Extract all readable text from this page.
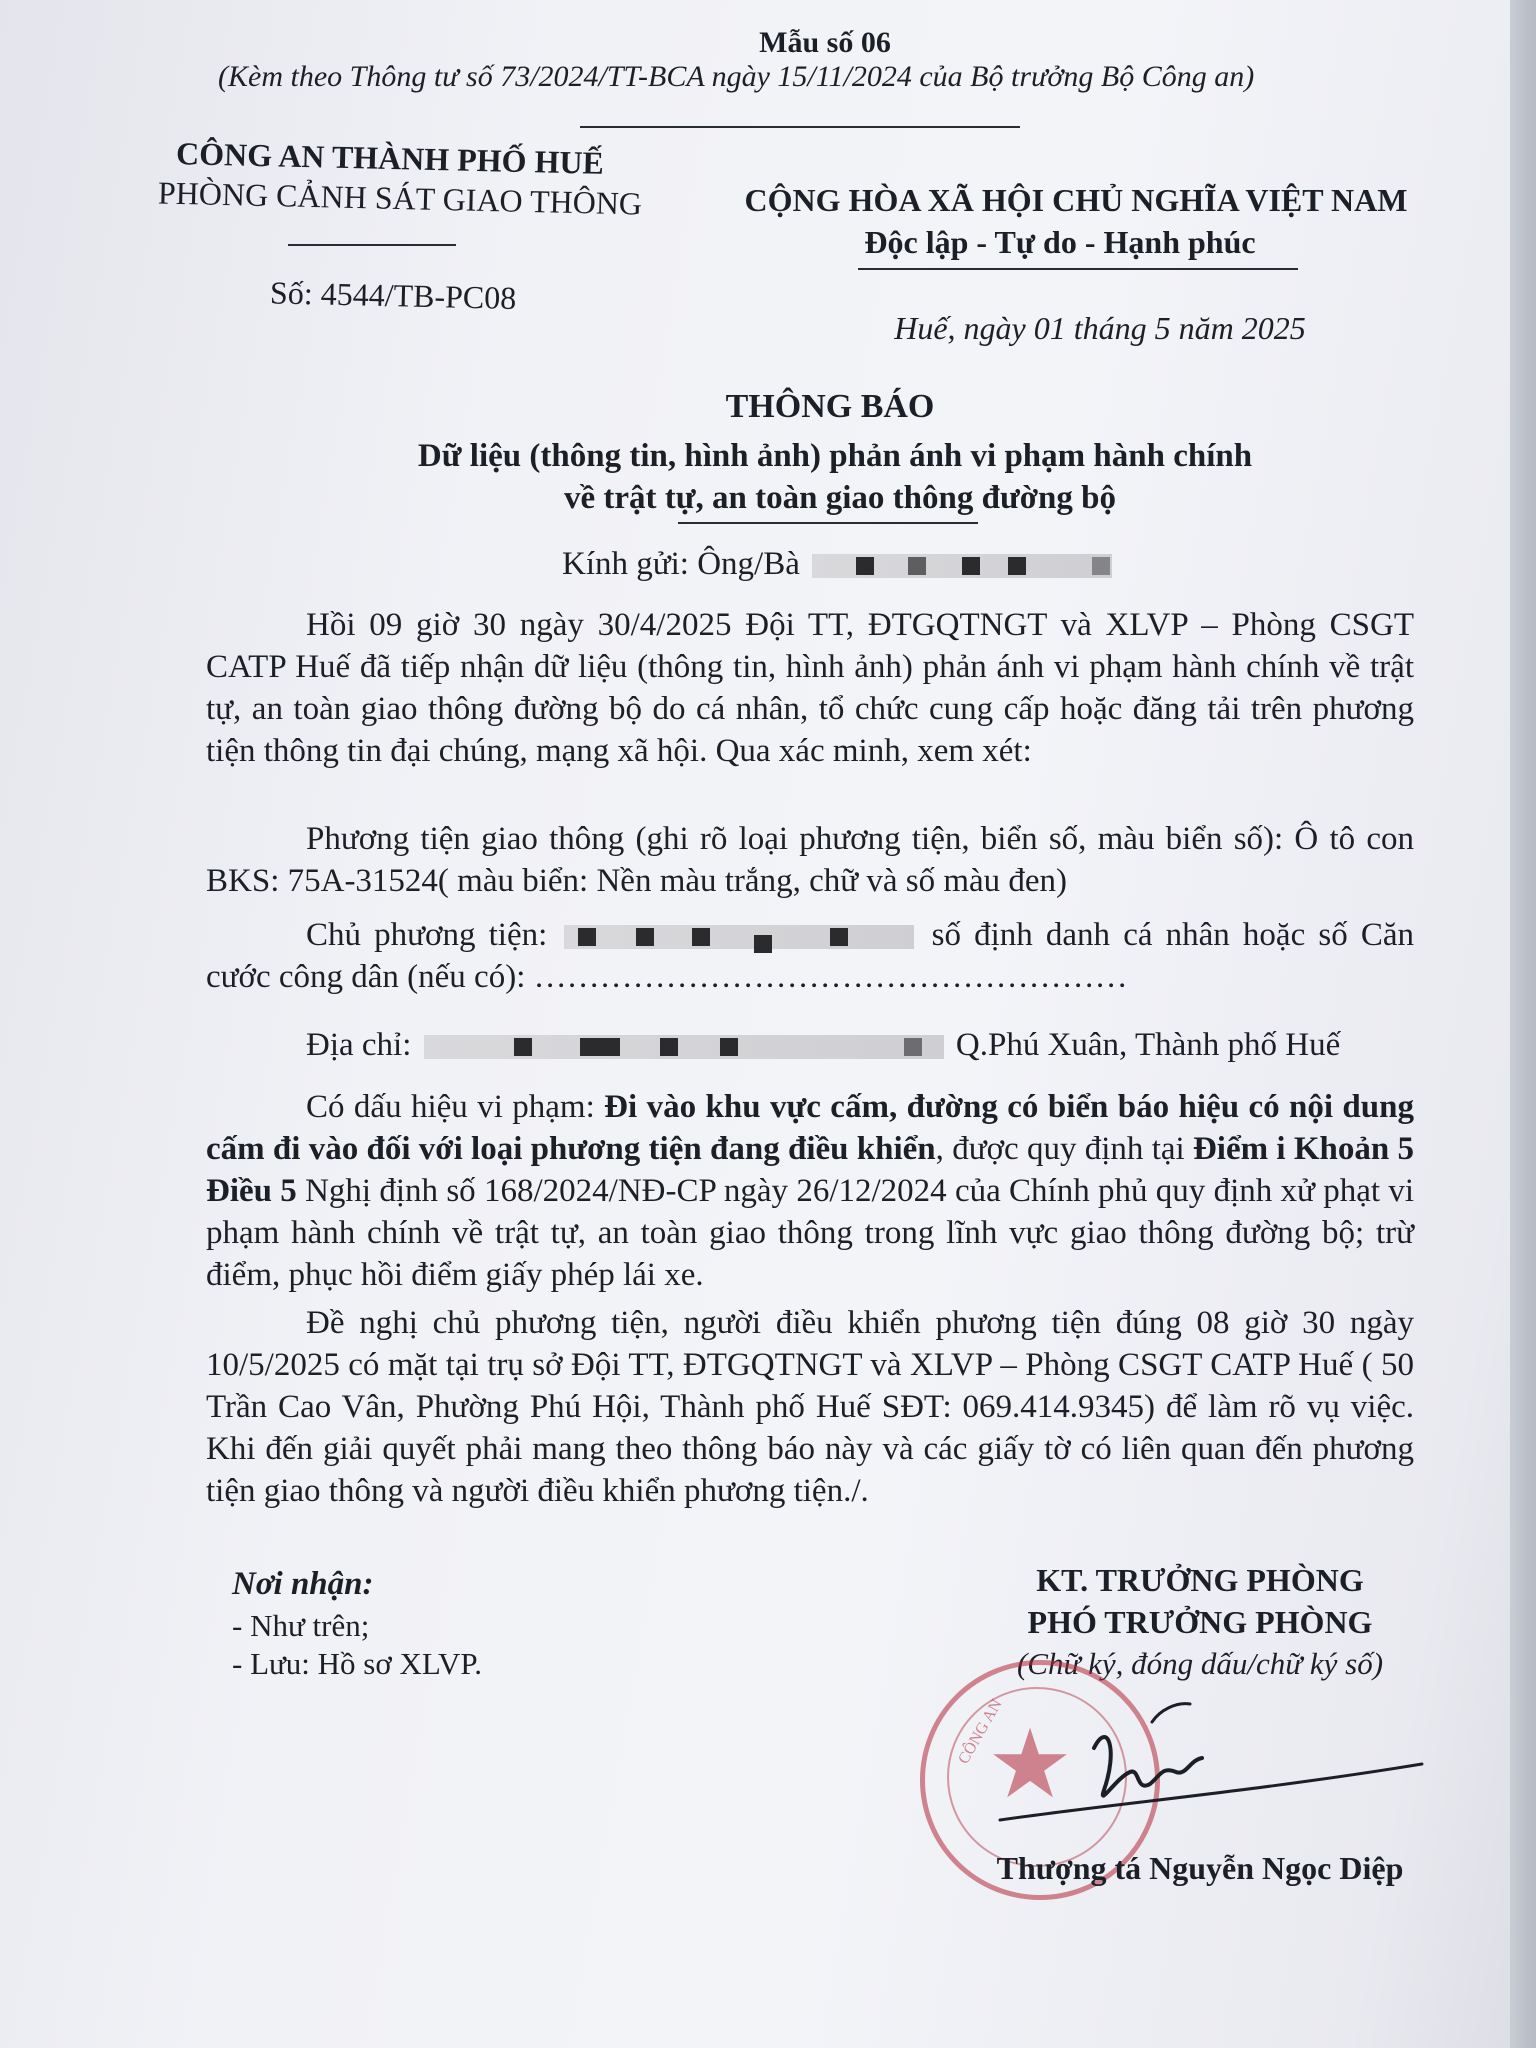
Mẫu số 06
(Kèm theo Thông tư số 73/2024/TT-BCA ngày 15/11/2024 của Bộ trưởng Bộ Công an)
CÔNG AN THÀNH PHỐ HUẾ
PHÒNG CẢNH SÁT GIAO THÔNG
Số: 4544/TB-PC08
CỘNG HÒA XÃ HỘI CHỦ NGHĨA VIỆT NAM
Độc lập - Tự do - Hạnh phúc
Huế, ngày 01 tháng 5 năm 2025
THÔNG BÁO
Dữ liệu (thông tin, hình ảnh) phản ánh vi phạm hành chính
về trật tự, an toàn giao thông đường bộ
Kính gửi: Ông/Bà
Hồi 09 giờ 30 ngày 30/4/2025 Đội TT, ĐTGQTNGT và XLVP – Phòng CSGT CATP Huế đã tiếp nhận dữ liệu (thông tin, hình ảnh) phản ánh vi phạm hành chính về trật tự, an toàn giao thông đường bộ do cá nhân, tổ chức cung cấp hoặc đăng tải trên phương tiện thông tin đại chúng, mạng xã hội. Qua xác minh, xem xét:
Phương tiện giao thông (ghi rõ loại phương tiện, biển số, màu biển số): Ô tô con BKS: 75A-31524( màu biển: Nền màu trắng, chữ và số màu đen)
Chủ phương tiện:	số định danh cá nhân hoặc số Căn cước công dân (nếu có): ………………………………………………
Địa chỉ:	Q.Phú Xuân, Thành phố Huế
Có dấu hiệu vi phạm: Đi vào khu vực cấm, đường có biển báo hiệu có nội dung cấm đi vào đối với loại phương tiện đang điều khiển, được quy định tại Điểm i Khoản 5 Điều 5 Nghị định số 168/2024/NĐ-CP ngày 26/12/2024 của Chính phủ quy định xử phạt vi phạm hành chính về trật tự, an toàn giao thông trong lĩnh vực giao thông đường bộ; trừ điểm, phục hồi điểm giấy phép lái xe.
Đề nghị chủ phương tiện, người điều khiển phương tiện đúng 08 giờ 30 ngày 10/5/2025 có mặt tại trụ sở Đội TT, ĐTGQTNGT và XLVP – Phòng CSGT CATP Huế ( 50 Trần Cao Vân, Phường Phú Hội, Thành phố Huế SĐT: 069.414.9345) để làm rõ vụ việc. Khi đến giải quyết phải mang theo thông báo này và các giấy tờ có liên quan đến phương tiện giao thông và người điều khiển phương tiện./.
Nơi nhận:
- Như trên;
- Lưu: Hồ sơ XLVP.
KT. TRƯỞNG PHÒNG
PHÓ TRƯỞNG PHÒNG
(Chữ ký, đóng dấu/chữ ký số)
★
CÔNG AN
Thượng tá Nguyễn Ngọc Diệp
